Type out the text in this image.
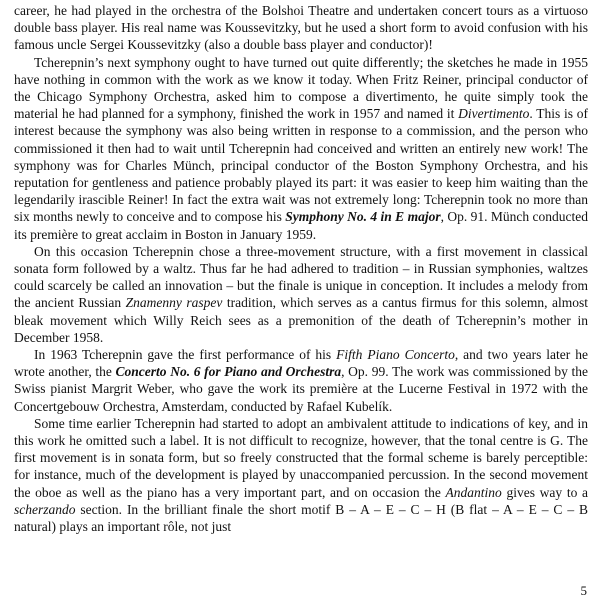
career, he had played in the orchestra of the Bolshoi Theatre and undertaken concert tours as a virtuoso double bass player. His real name was Koussevitzky, but he used a short form to avoid confusion with his famous uncle Sergei Koussevitzky (also a double bass player and conductor)!

Tcherepnin’s next symphony ought to have turned out quite differently; the sketches he made in 1955 have nothing in common with the work as we know it today. When Fritz Reiner, principal conductor of the Chicago Symphony Orchestra, asked him to compose a divertimento, he quite simply took the material he had planned for a symphony, finished the work in 1957 and named it Divertimento. This is of interest because the symphony was also being written in response to a commission, and the person who commissioned it then had to wait until Tcherepnin had conceived and written an entirely new work! The symphony was for Charles Münch, principal conductor of the Boston Symphony Orchestra, and his reputation for gentleness and patience probably played its part: it was easier to keep him waiting than the legendarily irascible Reiner! In fact the extra wait was not extremely long: Tcherepnin took no more than six months newly to conceive and to compose his Symphony No. 4 in E major, Op. 91. Münch conducted its première to great acclaim in Boston in January 1959.

On this occasion Tcherepnin chose a three-movement structure, with a first movement in classical sonata form followed by a waltz. Thus far he had adhered to tradition – in Russian symphonies, waltzes could scarcely be called an innovation – but the finale is unique in conception. It includes a melody from the ancient Russian Znamenny raspev tradition, which serves as a cantus firmus for this solemn, almost bleak movement which Willy Reich sees as a premonition of the death of Tcherepnin’s mother in December 1958.

In 1963 Tcherepnin gave the first performance of his Fifth Piano Concerto, and two years later he wrote another, the Concerto No. 6 for Piano and Orchestra, Op. 99. The work was commissioned by the Swiss pianist Margrit Weber, who gave the work its première at the Lucerne Festival in 1972 with the Concertgebouw Orchestra, Amsterdam, conducted by Rafael Kubelík.

Some time earlier Tcherepnin had started to adopt an ambivalent attitude to indications of key, and in this work he omitted such a label. It is not difficult to recognize, however, that the tonal centre is G. The first movement is in sonata form, but so freely constructed that the formal scheme is barely perceptible: for instance, much of the development is played by unaccompanied percussion. In the second movement the oboe as well as the piano has a very important part, and on occasion the Andantino gives way to a scherzando section. In the brilliant finale the short motif B – A – E – C – H (B flat – A – E – C – B natural) plays an important rôle, not just

5
